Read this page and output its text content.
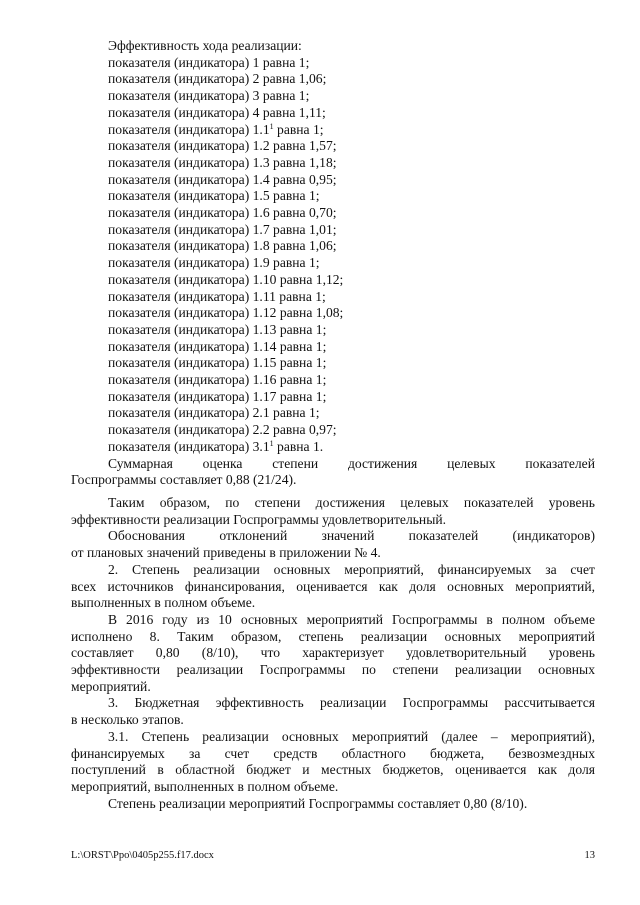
Эффективность хода реализации:
показателя (индикатора) 1 равна 1;
показателя (индикатора) 2 равна 1,06;
показателя (индикатора) 3 равна 1;
показателя (индикатора) 4 равна 1,11;
показателя (индикатора) $1.1^1$ равна 1;
показателя (индикатора) 1.2 равна 1,57;
показателя (индикатора) 1.3 равна 1,18;
показателя (индикатора) 1.4 равна 0,95;
показателя (индикатора) 1.5 равна 1;
показателя (индикатора) 1.6 равна 0,70;
показателя (индикатора) 1.7 равна 1,01;
показателя (индикатора) 1.8 равна 1,06;
показателя (индикатора) 1.9 равна 1;
показателя (индикатора) 1.10 равна 1,12;
показателя (индикатора) 1.11 равна 1;
показателя (индикатора) 1.12 равна 1,08;
показателя (индикатора) 1.13 равна 1;
показателя (индикатора) 1.14 равна 1;
показателя (индикатора) 1.15 равна 1;
показателя (индикатора) 1.16 равна 1;
показателя (индикатора) 1.17 равна 1;
показателя (индикатора) 2.1 равна 1;
показателя (индикатора) 2.2 равна 0,97;
показателя (индикатора) $3.1^1$ равна 1.
Суммарная оценка степени достижения целевых показателей
Госпрограммы составляет 0,88 (21/24).
Таким образом, по степени достижения целевых показателей уровень
эффективности реализации Госпрограммы удовлетворительный.
Обоснования отклонений значений показателей (индикаторов)
от плановых значений приведены в приложении № 4.
2. Степень реализации основных мероприятий, финансируемых за счет
всех источников финансирования, оценивается как доля основных мероприятий,
выполненных в полном объеме.
В 2016 году из 10 основных мероприятий Госпрограммы в полном объеме
исполнено 8. Таким образом, степень реализации основных мероприятий
составляет 0,80 (8/10), что характеризует удовлетворительный уровень
эффективности реализации Госпрограммы по степени реализации основных
мероприятий.
3. Бюджетная эффективность реализации Госпрограммы рассчитывается
в несколько этапов.
3.1. Степень реализации основных мероприятий (далее – мероприятий),
финансируемых за счет средств областного бюджета, безвозмездных
поступлений в областной бюджет и местных бюджетов, оценивается как доля
мероприятий, выполненных в полном объеме.
Степень реализации мероприятий Госпрограммы составляет 0,80 (8/10).
L:\ORST\Ppo\0405p255.f17.docx	13
